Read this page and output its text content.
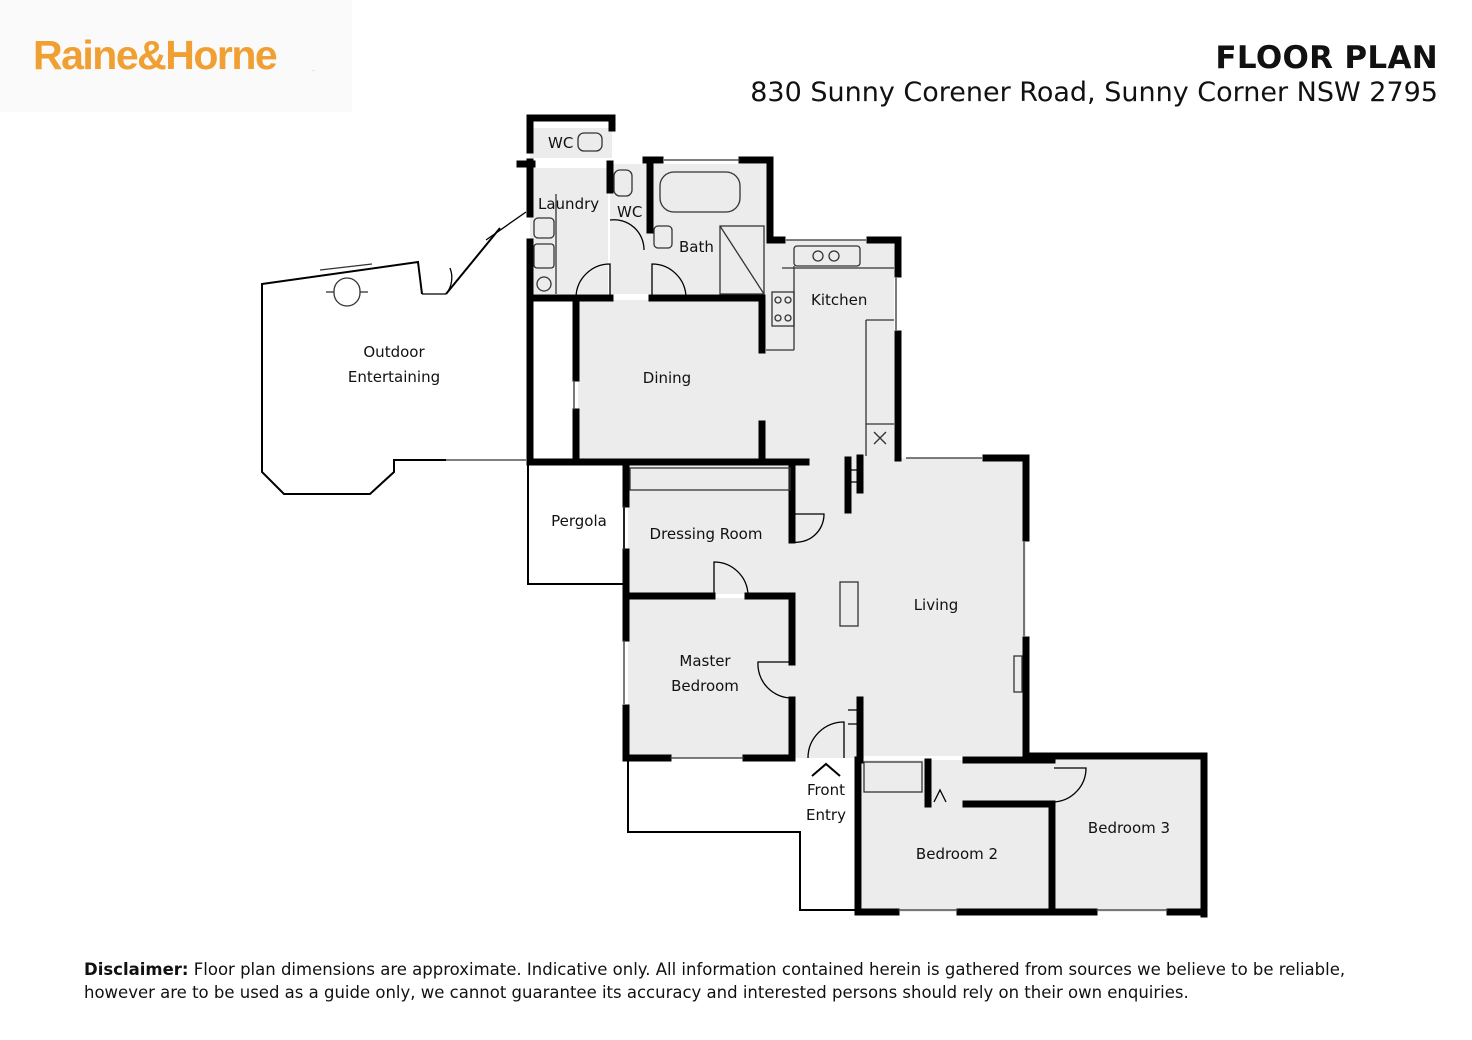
Raine&Horne	.	FLOOR PLAN
830 Sunny Corener Road, Sunny Corner NSW 2795
WC
Laundry WC
Bath
Kitchen
Outdoor
Entertaining	Dining
Pergola
Dressing Room
Living
Master
Bedroom
Front
Entry
Bedroom 2
Bedroom 3
Disclaimer: Floor plan dimensions are approximate. Indicative only. All information contained herein is gathered from sources we believe to be reliable, however are to be used as a guide only, we cannot guarantee its accuracy and interested persons should rely on their own enquiries.
